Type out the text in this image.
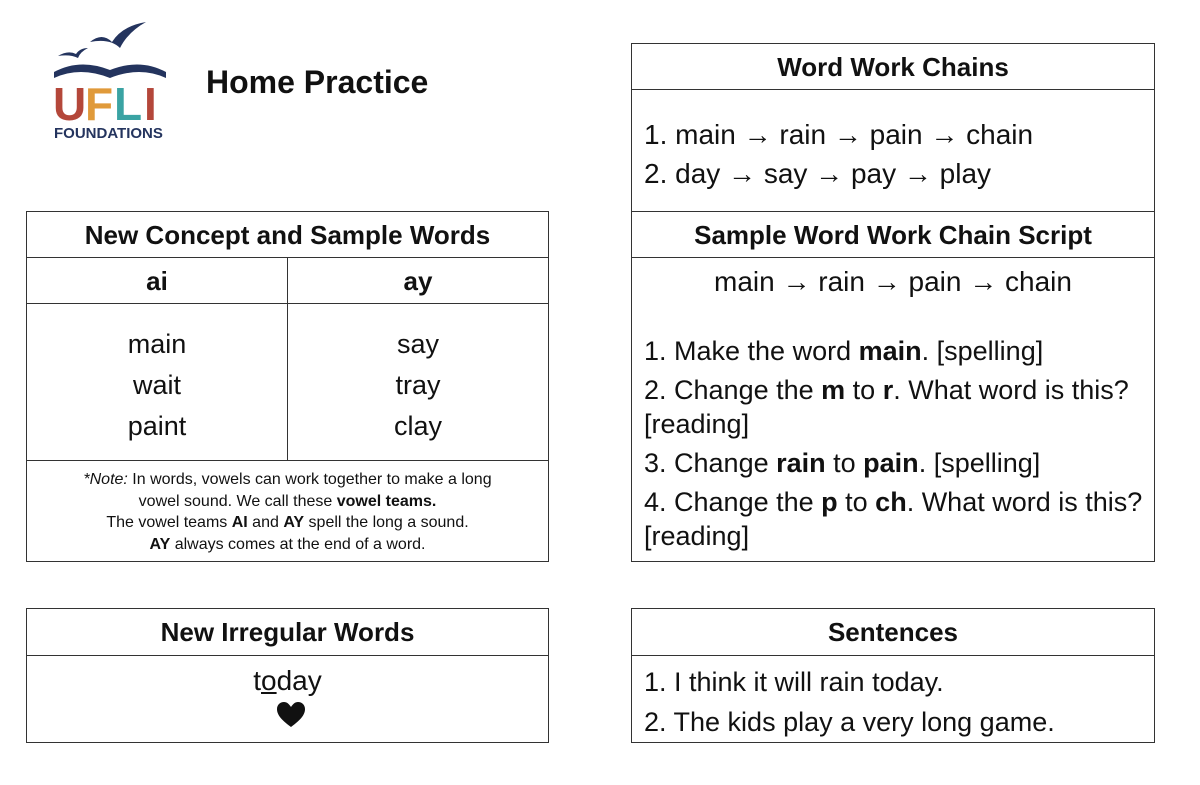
U
F L I
FOUNDATIONS
Home Practice
New Concept and Sample Words
ai	ay
main
wait
paint
say
tray
clay
*Note: In words, vowels can work together to make a long
vowel sound. We call these vowel teams.
The vowel teams AI and AY spell the long a sound.
AY always comes at the end of a word.
New Irregular Words
today
Word Work Chains
1. main → rain → pain → chain
2. day → say → pay → play
Sample Word Work Chain Script
main → rain → pain → chain
1. Make the word main. [spelling]
2. Change the m to r. What word is this? [reading]
3. Change rain to pain. [spelling]
4. Change the p to ch. What word is this? [reading]
Sentences
1. I think it will rain today.
2. The kids play a very long game.
